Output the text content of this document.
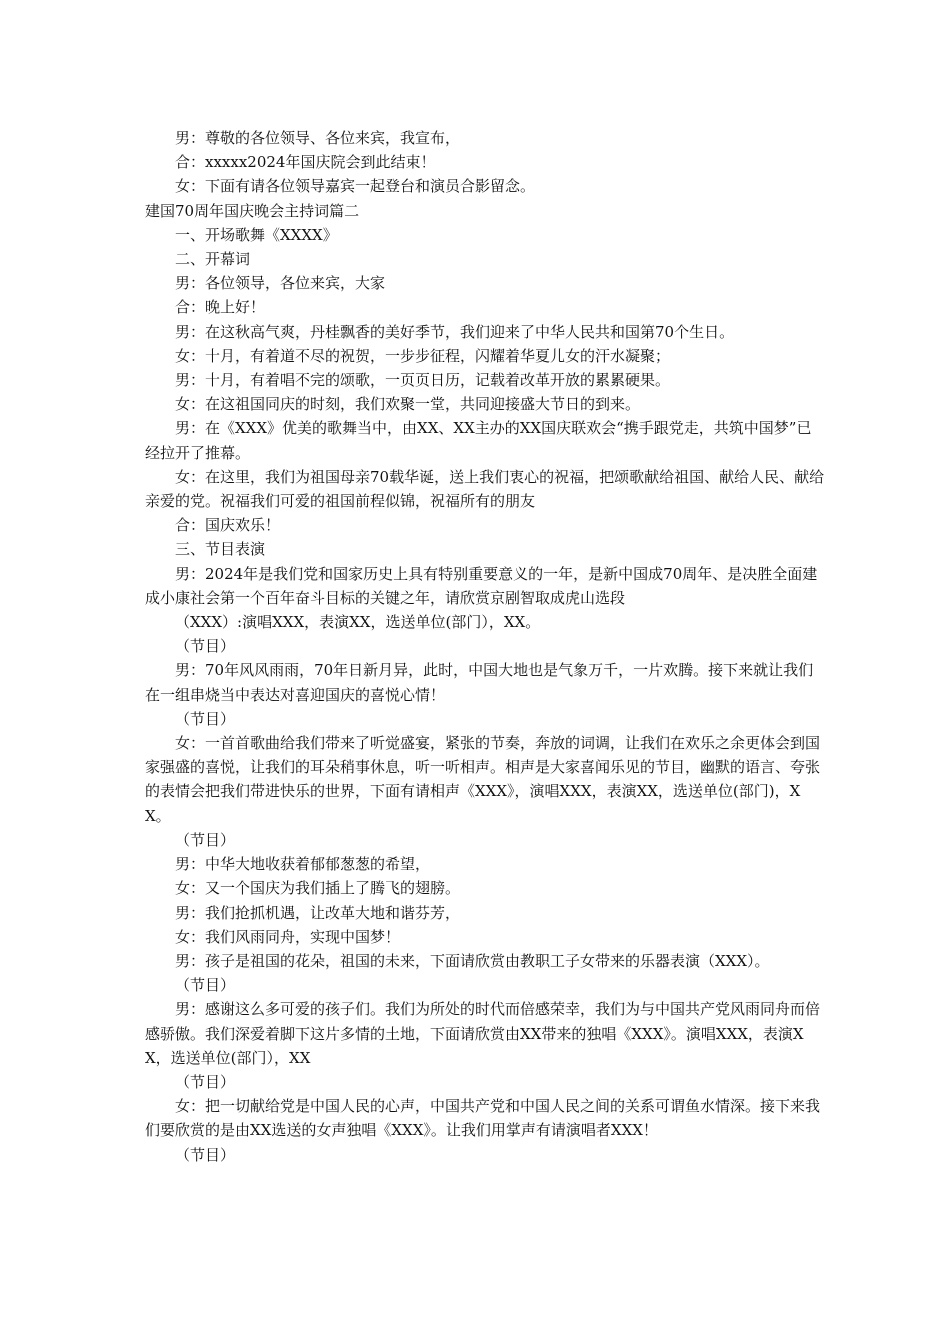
男：尊敬的各位领导、各位来宾，我宣布，

合：xxxxx2024年国庆院会到此结束！

女：下面有请各位领导嘉宾一起登台和演员合影留念。

建国70周年国庆晚会主持词篇二

一、开场歌舞《XXXX》

二、开幕词

男：各位领导，各位来宾，大家

合：晚上好！

男：在这秋高气爽，丹桂飘香的美好季节，我们迎来了中华人民共和国第70个生日。

女：十月，有着道不尽的祝贺，一步步征程，闪耀着华夏儿女的汗水凝聚；

男：十月，有着唱不完的颂歌，一页页日历，记载着改革开放的累累硬果。

女：在这祖国同庆的时刻，我们欢聚一堂，共同迎接盛大节日的到来。

男：在《XXX》优美的歌舞当中，由XX、XX主办的XX国庆联欢会“携手跟党走，共筑中国梦”已经拉开了推幕。

女：在这里，我们为祖国母亲70载华诞，送上我们衷心的祝福，把颂歌献给祖国、献给人民、献给亲爱的党。祝福我们可爱的祖国前程似锦，祝福所有的朋友

合：国庆欢乐！

三、节目表演

男：2024年是我们党和国家历史上具有特别重要意义的一年，是新中国成70周年、是决胜全面建成小康社会第一个百年奋斗目标的关键之年，请欣赏京剧智取成虎山选段

（XXX）:演唱XXX，表演XX，选送单位(部门），XX。

（节目）

男：70年风风雨雨，70年日新月异，此时，中国大地也是气象万千，一片欢腾。接下来就让我们在一组串烧当中表达对喜迎国庆的喜悦心情！

（节目）

女：一首首歌曲给我们带来了听觉盛宴，紧张的节奏，奔放的词调，让我们在欢乐之余更体会到国家强盛的喜悦，让我们的耳朵稍事休息，听一听相声。相声是大家喜闻乐见的节目，幽默的语言、夸张的表情会把我们带进快乐的世界，下面有请相声《XXX》，演唱XXX，表演XX，选送单位(部门)，XX。

（节目）

男：中华大地收获着郁郁葱葱的希望，

女：又一个国庆为我们插上了腾飞的翅膀。

男：我们抢抓机遇，让改革大地和谐芬芳，

女：我们风雨同舟，实现中国梦！

男：孩子是祖国的花朵，祖国的未来，下面请欣赏由教职工子女带来的乐器表演（XXX）。

（节目）

男：感谢这么多可爱的孩子们。我们为所处的时代而倍感荣幸，我们为与中国共产党风雨同舟而倍感骄傲。我们深爱着脚下这片多情的土地，下面请欣赏由XX带来的独唱《XXX》。演唱XXX，表演XX，选送单位(部门），XX

（节目）

女：把一切献给党是中国人民的心声，中国共产党和中国人民之间的关系可谓鱼水情深。接下来我们要欣赏的是由XX选送的女声独唱《XXX》。让我们用掌声有请演唱者XXX！

（节目）
